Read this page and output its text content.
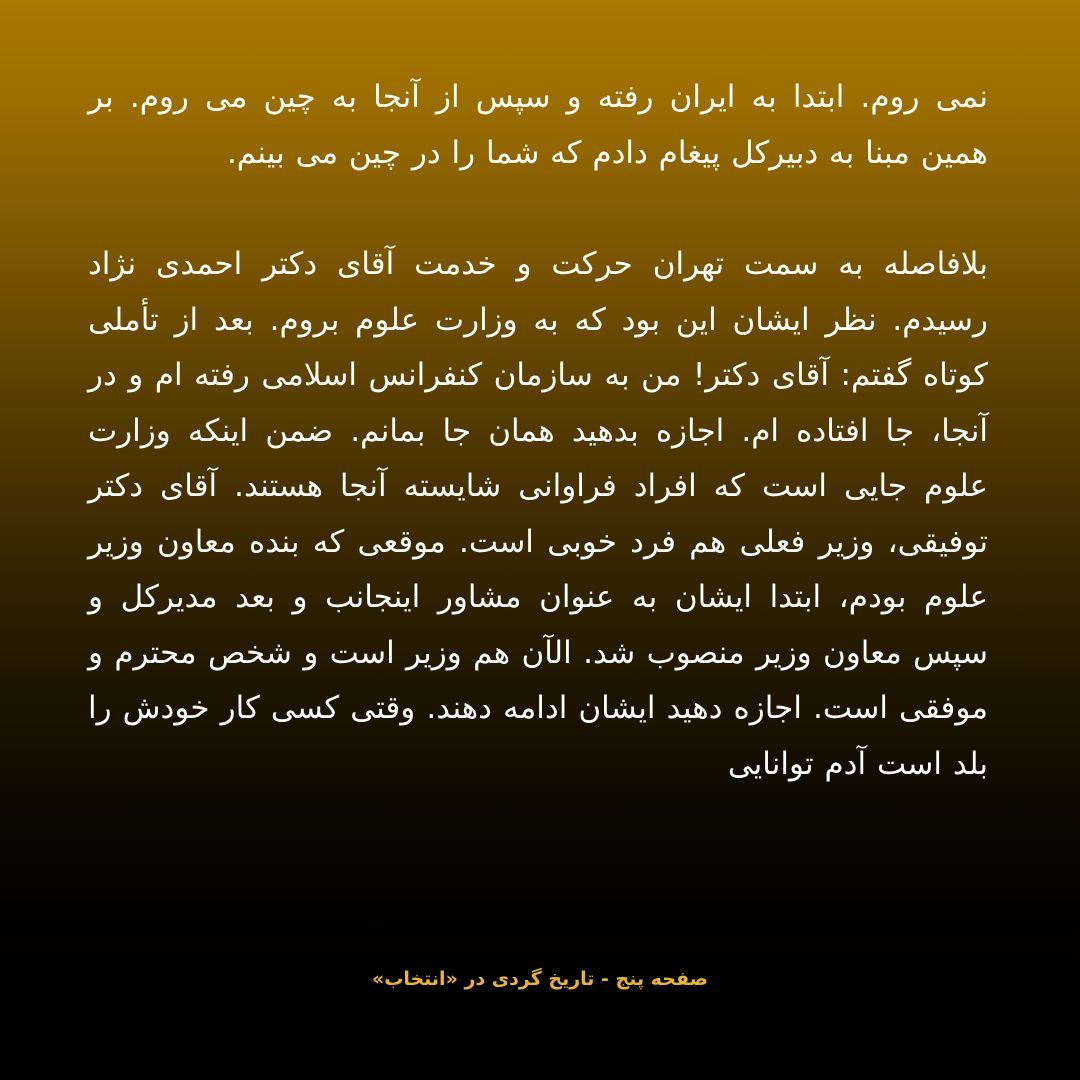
نمی روم. ابتدا به ایران رفته و سپس از آنجا به چین می روم. بر همین مبنا به دبیرکل پیغام دادم که شما را در چین می بینم.

بلافاصله به سمت تهران حرکت و خدمت آقای دکتر احمدی نژاد رسیدم. نظر ایشان این بود که به وزارت علوم بروم. بعد از تأملی کوتاه گفتم: آقای دکتر! من به سازمان کنفرانس اسلامی رفته ام و در آنجا، جا افتاده ام. اجازه بدهید همان جا بمانم. ضمن اینکه وزارت علوم جایی است که افراد فراوانی شایسته آنجا هستند. آقای دکتر توفیقی، وزیر فعلی هم فرد خوبی است. موقعی که بنده معاون وزیر علوم بودم، ابتدا ایشان به عنوان مشاور اینجانب و بعد مدیرکل و سپس معاون وزیر منصوب شد. الآن هم وزیر است و شخص محترم و موفقی است. اجازه دهید ایشان ادامه دهند. وقتی کسی کار خودش را بلد است آدم توانایی

صفحه پنج - تاریخ گردی در «انتخاب»
